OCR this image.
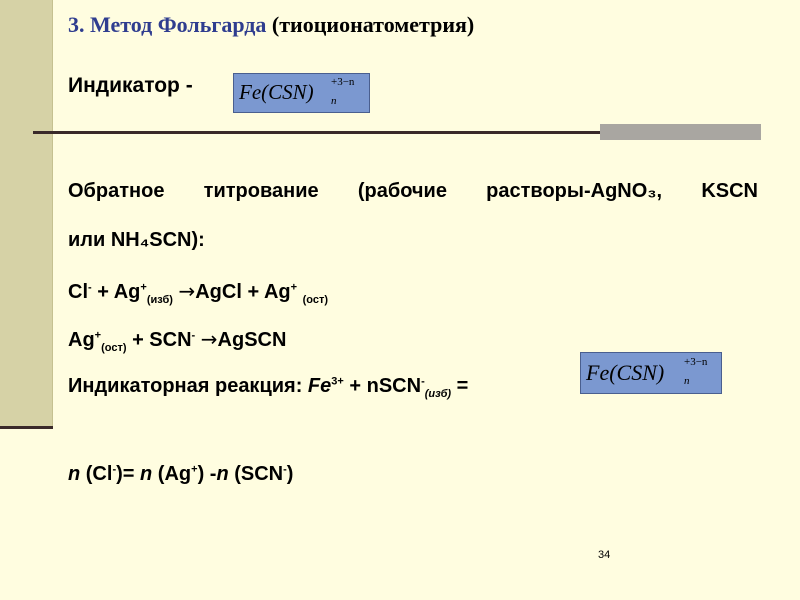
3. Метод Фольгарда (тиоционатометрия)
Индикатор - Fe(CSN) +3−n
n
Обратное титрование (рабочие растворы-AgNO₃, KSCN
или NH₄SCN):
$Cl^- + Ag^+_{(изб)}$ →AgCl + Ag+ $_{(ост)}$
$Ag^+_{(ост)} + SCN^-$ →AgSCN
Индикаторная реакция: $Fe^{3+}$ + nSCN-$_{(изб)}$ =
Fe(CSN) +3−n
n
n (Cl-)= n (Ag+) -n (SCN-)
34
